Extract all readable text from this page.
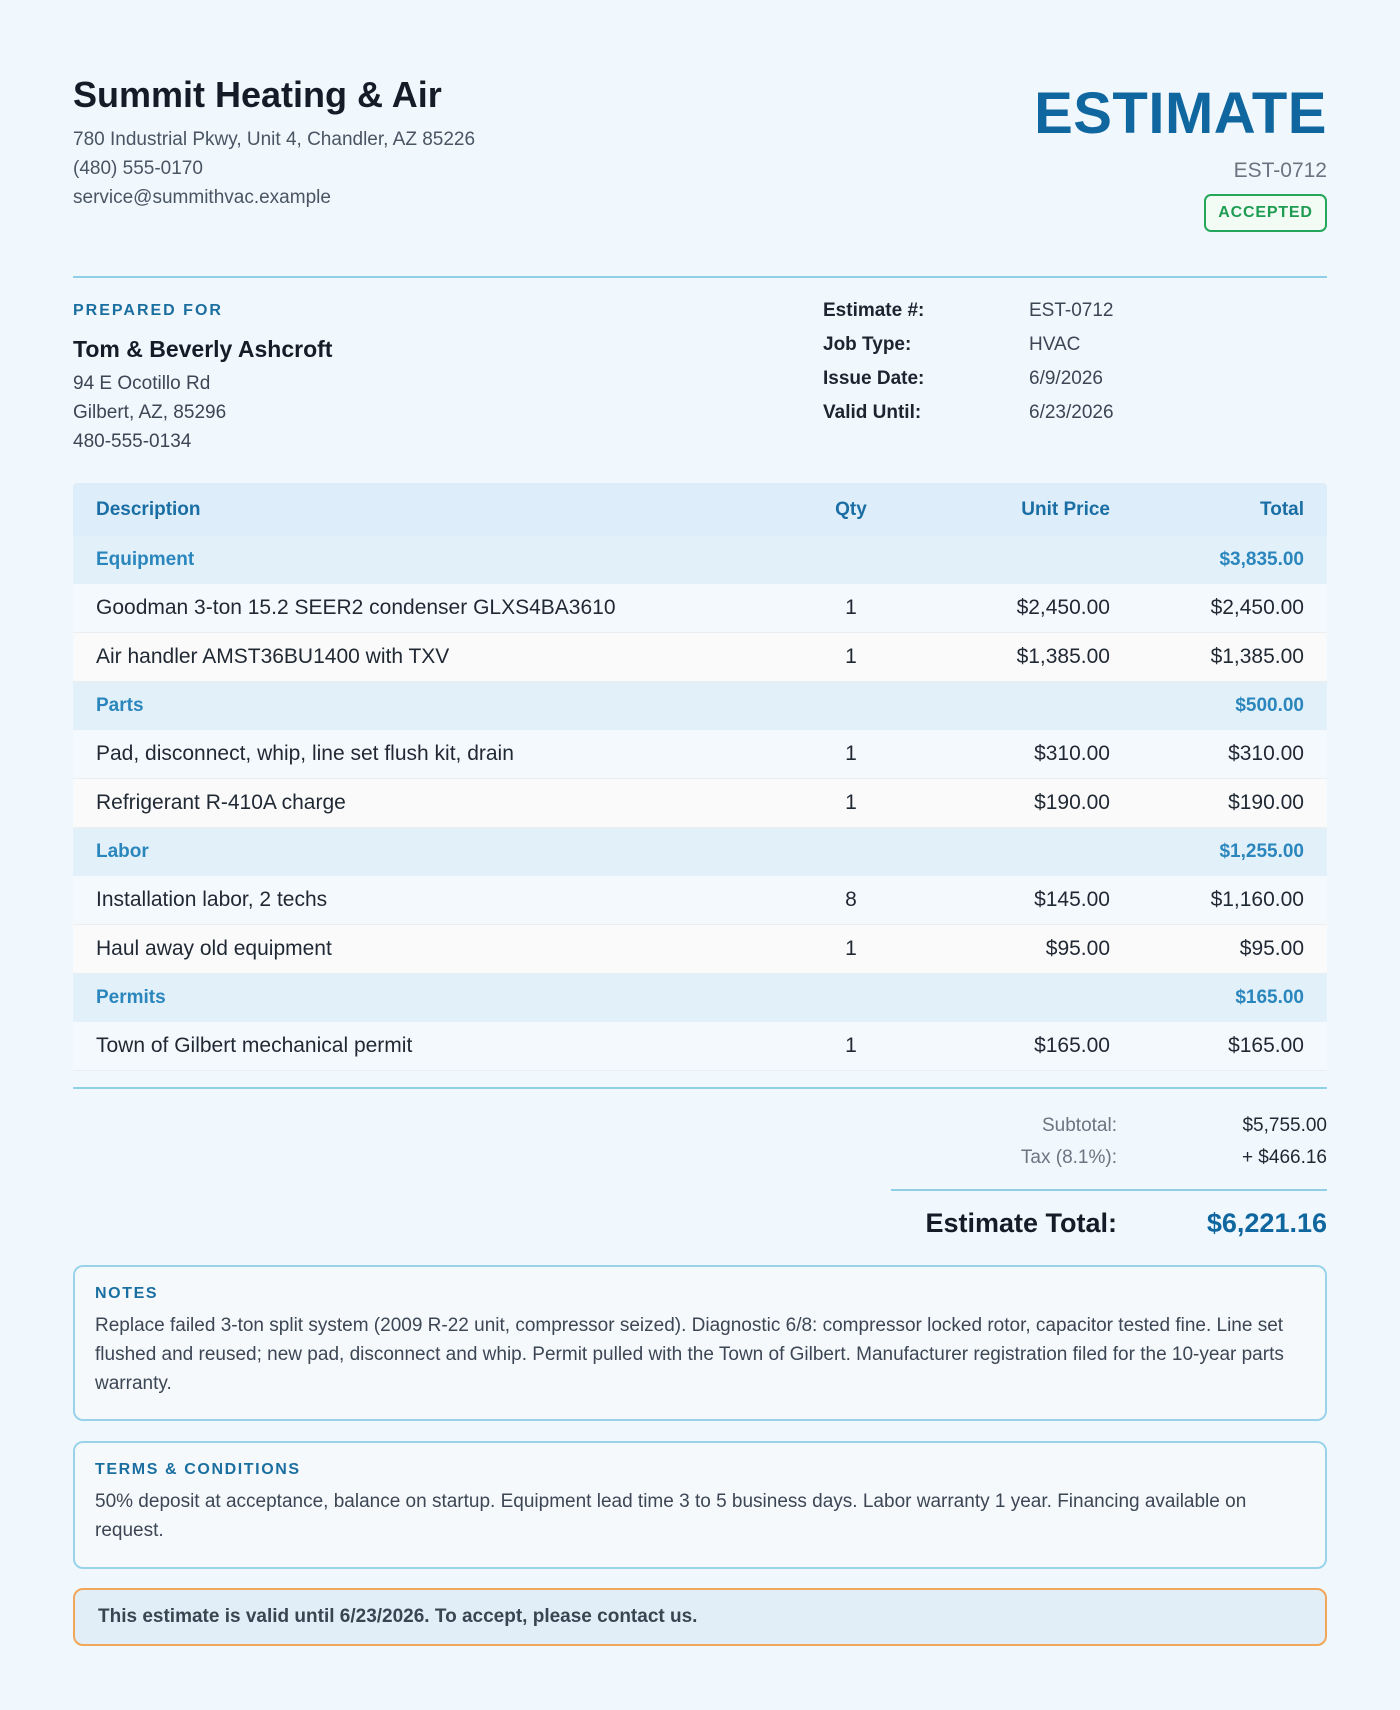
Summit Heating & Air
780 Industrial Pkwy, Unit 4, Chandler, AZ 85226
(480) 555-0170
service@summithvac.example
ESTIMATE
EST-0712
ACCEPTED
PREPARED FOR
Tom & Beverly Ashcroft
94 E Ocotillo Rd
Gilbert, AZ, 85296
480-555-0134
Estimate #:	EST-0712
Job Type:	HVAC
Issue Date:	6/9/2026
Valid Until:	6/23/2026
Description	Qty	Unit Price	Total
Equipment	$3,835.00
Goodman 3-ton 15.2 SEER2 condenser GLXS4BA3610	1	$2,450.00	$2,450.00
Air handler AMST36BU1400 with TXV	1	$1,385.00	$1,385.00
Parts	$500.00
Pad, disconnect, whip, line set flush kit, drain	1	$310.00	$310.00
Refrigerant R-410A charge	1	$190.00	$190.00
Labor	$1,255.00
Installation labor, 2 techs	8	$145.00	$1,160.00
Haul away old equipment	1	$95.00	$95.00
Permits	$165.00
Town of Gilbert mechanical permit	1	$165.00	$165.00
Subtotal:	$5,755.00
Tax (8.1%):	+ $466.16
Estimate Total:	$6,221.16
NOTES
Replace failed 3-ton split system (2009 R-22 unit, compressor seized). Diagnostic 6/8: compressor locked rotor, capacitor tested fine. Line set flushed and reused; new pad, disconnect and whip. Permit pulled with the Town of Gilbert. Manufacturer registration filed for the 10-year parts warranty.
TERMS & CONDITIONS
50% deposit at acceptance, balance on startup. Equipment lead time 3 to 5 business days. Labor warranty 1 year. Financing available on request.
This estimate is valid until 6/23/2026. To accept, please contact us.
